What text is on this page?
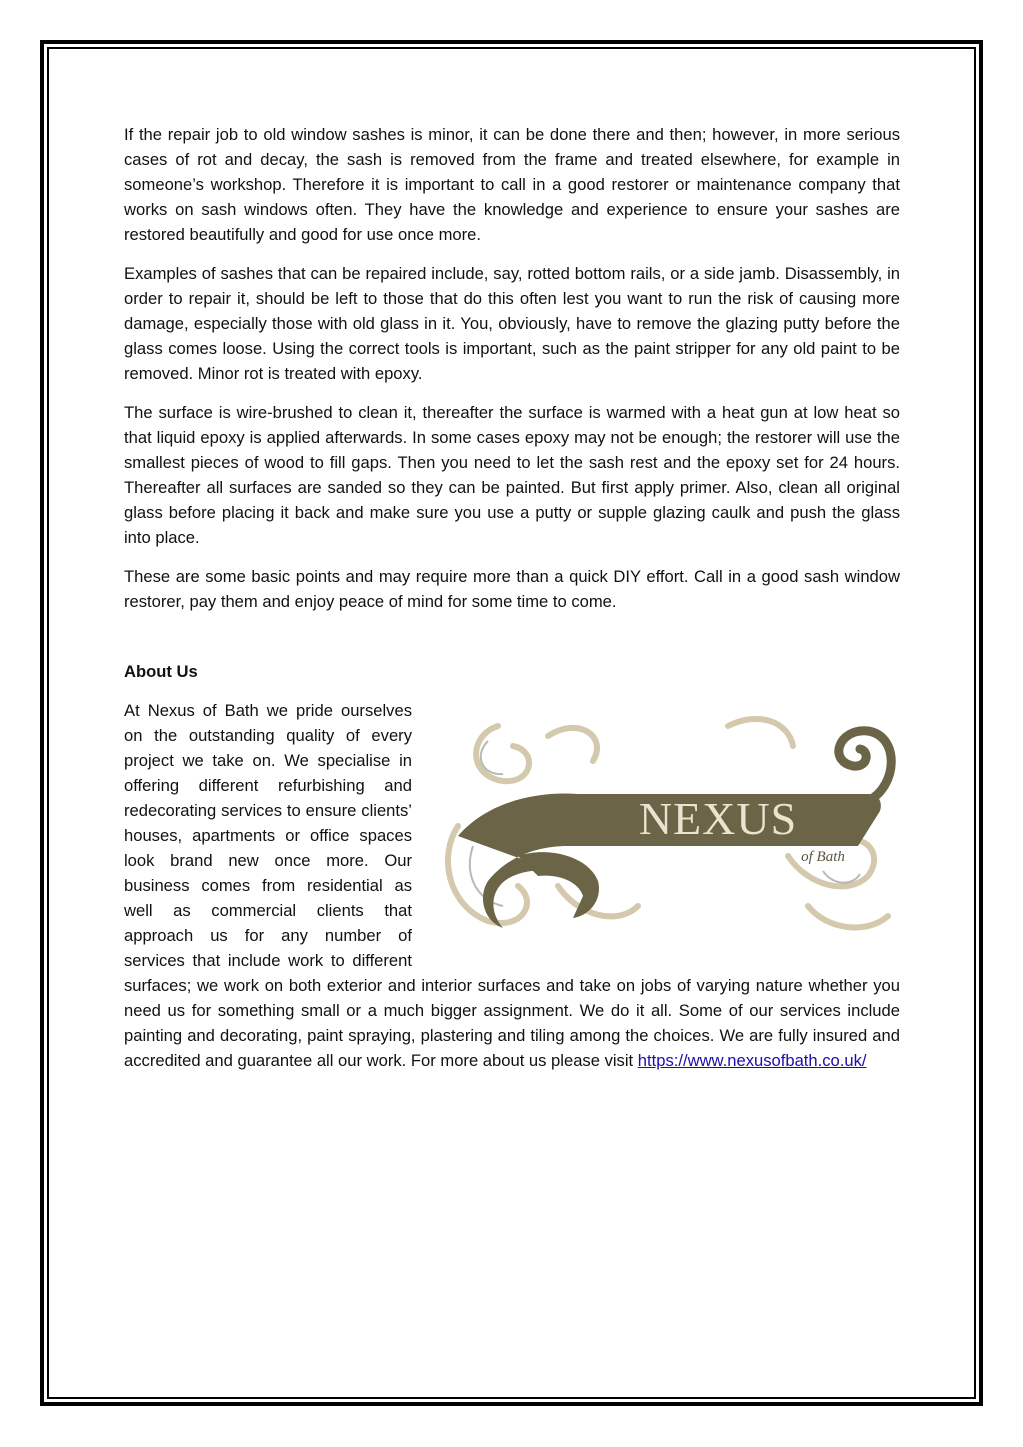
If the repair job to old window sashes is minor, it can be done there and then; however, in more serious cases of rot and decay, the sash is removed from the frame and treated elsewhere, for example in someone’s workshop. Therefore it is important to call in a good restorer or maintenance company that works on sash windows often. They have the knowledge and experience to ensure your sashes are restored beautifully and good for use once more.

Examples of sashes that can be repaired include, say, rotted bottom rails, or a side jamb. Disassembly, in order to repair it, should be left to those that do this often lest you want to run the risk of causing more damage, especially those with old glass in it. You, obviously, have to remove the glazing putty before the glass comes loose. Using the correct tools is important, such as the paint stripper for any old paint to be removed. Minor rot is treated with epoxy.

The surface is wire-brushed to clean it, thereafter the surface is warmed with a heat gun at low heat so that liquid epoxy is applied afterwards. In some cases epoxy may not be enough; the restorer will use the smallest pieces of wood to fill gaps. Then you need to let the sash rest and the epoxy set for 24 hours. Thereafter all surfaces are sanded so they can be painted. But first apply primer. Also, clean all original glass before placing it back and make sure you use a putty or supple glazing caulk and push the glass into place.

These are some basic points and may require more than a quick DIY effort. Call in a good sash window restorer, pay them and enjoy peace of mind for some time to come.

About Us
NEXUS
of Bath

At Nexus of Bath we pride ourselves on the outstanding quality of every project we take on. We specialise in offering different refurbishing and redecorating services to ensure clients’ houses, apartments or office spaces look brand new once more. Our business comes from residential as well as commercial clients that approach us for any number of services that include work to different surfaces; we work on both exterior and interior surfaces and take on jobs of varying nature whether you need us for something small or a much bigger assignment. We do it all. Some of our services include painting and decorating, paint spraying, plastering and tiling among the choices. We are fully insured and accredited and guarantee all our work. For more about us please visit https://www.nexusofbath.co.uk/
